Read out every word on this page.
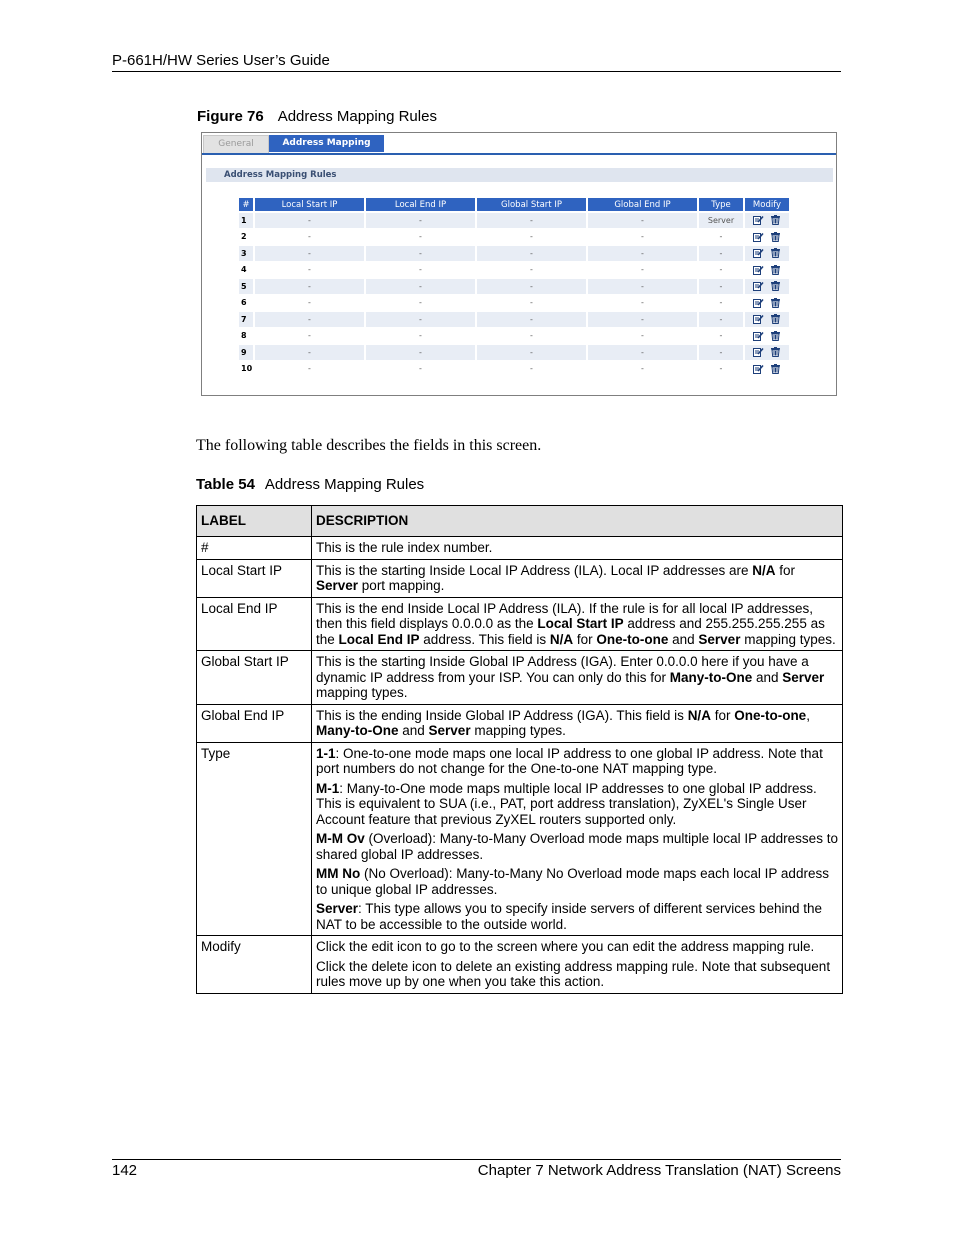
P-661H/HW Series User’s Guide
Figure 76 Address Mapping Rules
General	Address Mapping
Address Mapping Rules
#	Local Start IP	Local End IP	Global Start IP	Global End IP	Type	Modify
1	-	-	-	-	Server	
2	-	-	-	-	-	
3	-	-	-	-	-	
4	-	-	-	-	-	
5	-	-	-	-	-	
6	-	-	-	-	-	
7	-	-	-	-	-	
8	-	-	-	-	-	
9	-	-	-	-	-	
10	-	-	-	-	-	
The following table describes the fields in this screen.
Table 54 Address Mapping Rules
LABEL	DESCRIPTION
#	This is the rule index number.

Local Start IP	This is the starting Inside Local IP Address (ILA). Local IP addresses are N/A for Server port mapping.

Local End IP	This is the end Inside Local IP Address (ILA). If the rule is for all local IP addresses, then this field displays 0.0.0.0 as the Local Start IP address and 255.255.255.255 as the Local End IP address. This field is N/A for One-to-one and Server mapping types.

Global Start IP	This is the starting Inside Global IP Address (IGA). Enter 0.0.0.0 here if you have a dynamic IP address from your ISP. You can only do this for Many-to-One and Server mapping types.

Global End IP	This is the ending Inside Global IP Address (IGA). This field is N/A for One-to-one, Many-to-One and Server mapping types.

Type	1-1: One-to-one mode maps one local IP address to one global IP address. Note that port numbers do not change for the One-to-one NAT mapping type.

M-1: Many-to-One mode maps multiple local IP addresses to one global IP address. This is equivalent to SUA (i.e., PAT, port address translation), ZyXEL's Single User Account feature that previous ZyXEL routers supported only.

M-M Ov (Overload): Many-to-Many Overload mode maps multiple local IP addresses to shared global IP addresses.

MM No (No Overload): Many-to-Many No Overload mode maps each local IP address to unique global IP addresses.

Server: This type allows you to specify inside servers of different services behind the NAT to be accessible to the outside world.

Modify	Click the edit icon to go to the screen where you can edit the address mapping rule.

Click the delete icon to delete an existing address mapping rule. Note that subsequent rules move up by one when you take this action.

142	Chapter 7 Network Address Translation (NAT) Screens
